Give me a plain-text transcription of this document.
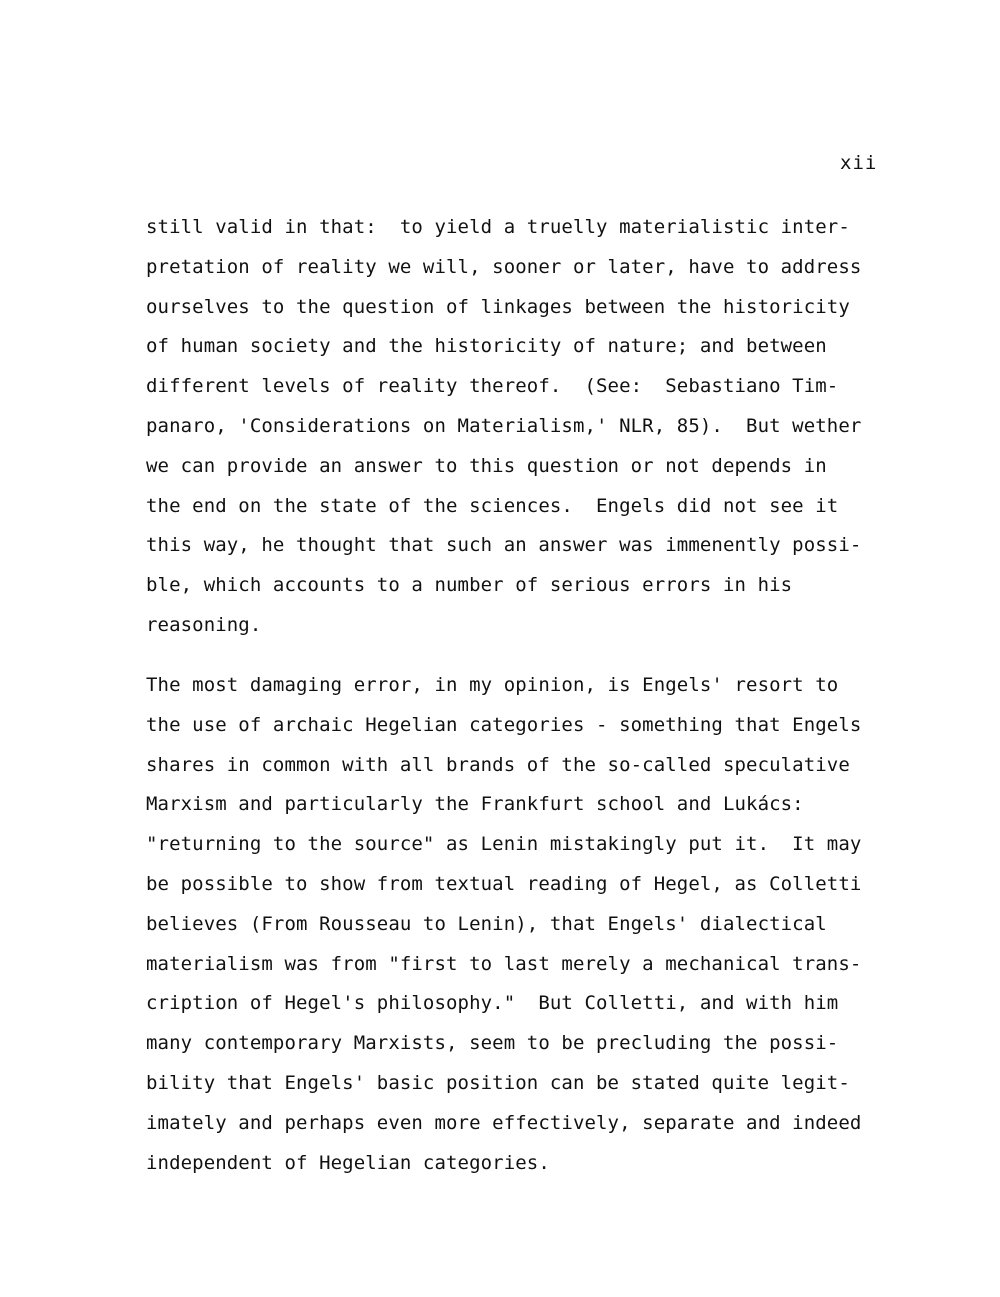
xii
still valid in that:  to yield a truelly materialistic inter-
pretation of reality we will, sooner or later, have to address
ourselves to the question of linkages between the historicity
of human society and the historicity of nature; and between
different levels of reality thereof.  (See:  Sebastiano Tim-
panaro, 'Considerations on Materialism,' NLR, 85).  But wether
we can provide an answer to this question or not depends in
the end on the state of the sciences.  Engels did not see it
this way, he thought that such an answer was immenently possi-
ble, which accounts to a number of serious errors in his
reasoning.
The most damaging error, in my opinion, is Engels' resort to
the use of archaic Hegelian categories - something that Engels
shares in common with all brands of the so-called speculative
Marxism and particularly the Frankfurt school and Lukács:
"returning to the source" as Lenin mistakingly put it.  It may
be possible to show from textual reading of Hegel, as Colletti
believes (From Rousseau to Lenin), that Engels' dialectical
materialism was from "first to last merely a mechanical trans-
cription of Hegel's philosophy."  But Colletti, and with him
many contemporary Marxists, seem to be precluding the possi-
bility that Engels' basic position can be stated quite legit-
imately and perhaps even more effectively, separate and indeed
independent of Hegelian categories.
